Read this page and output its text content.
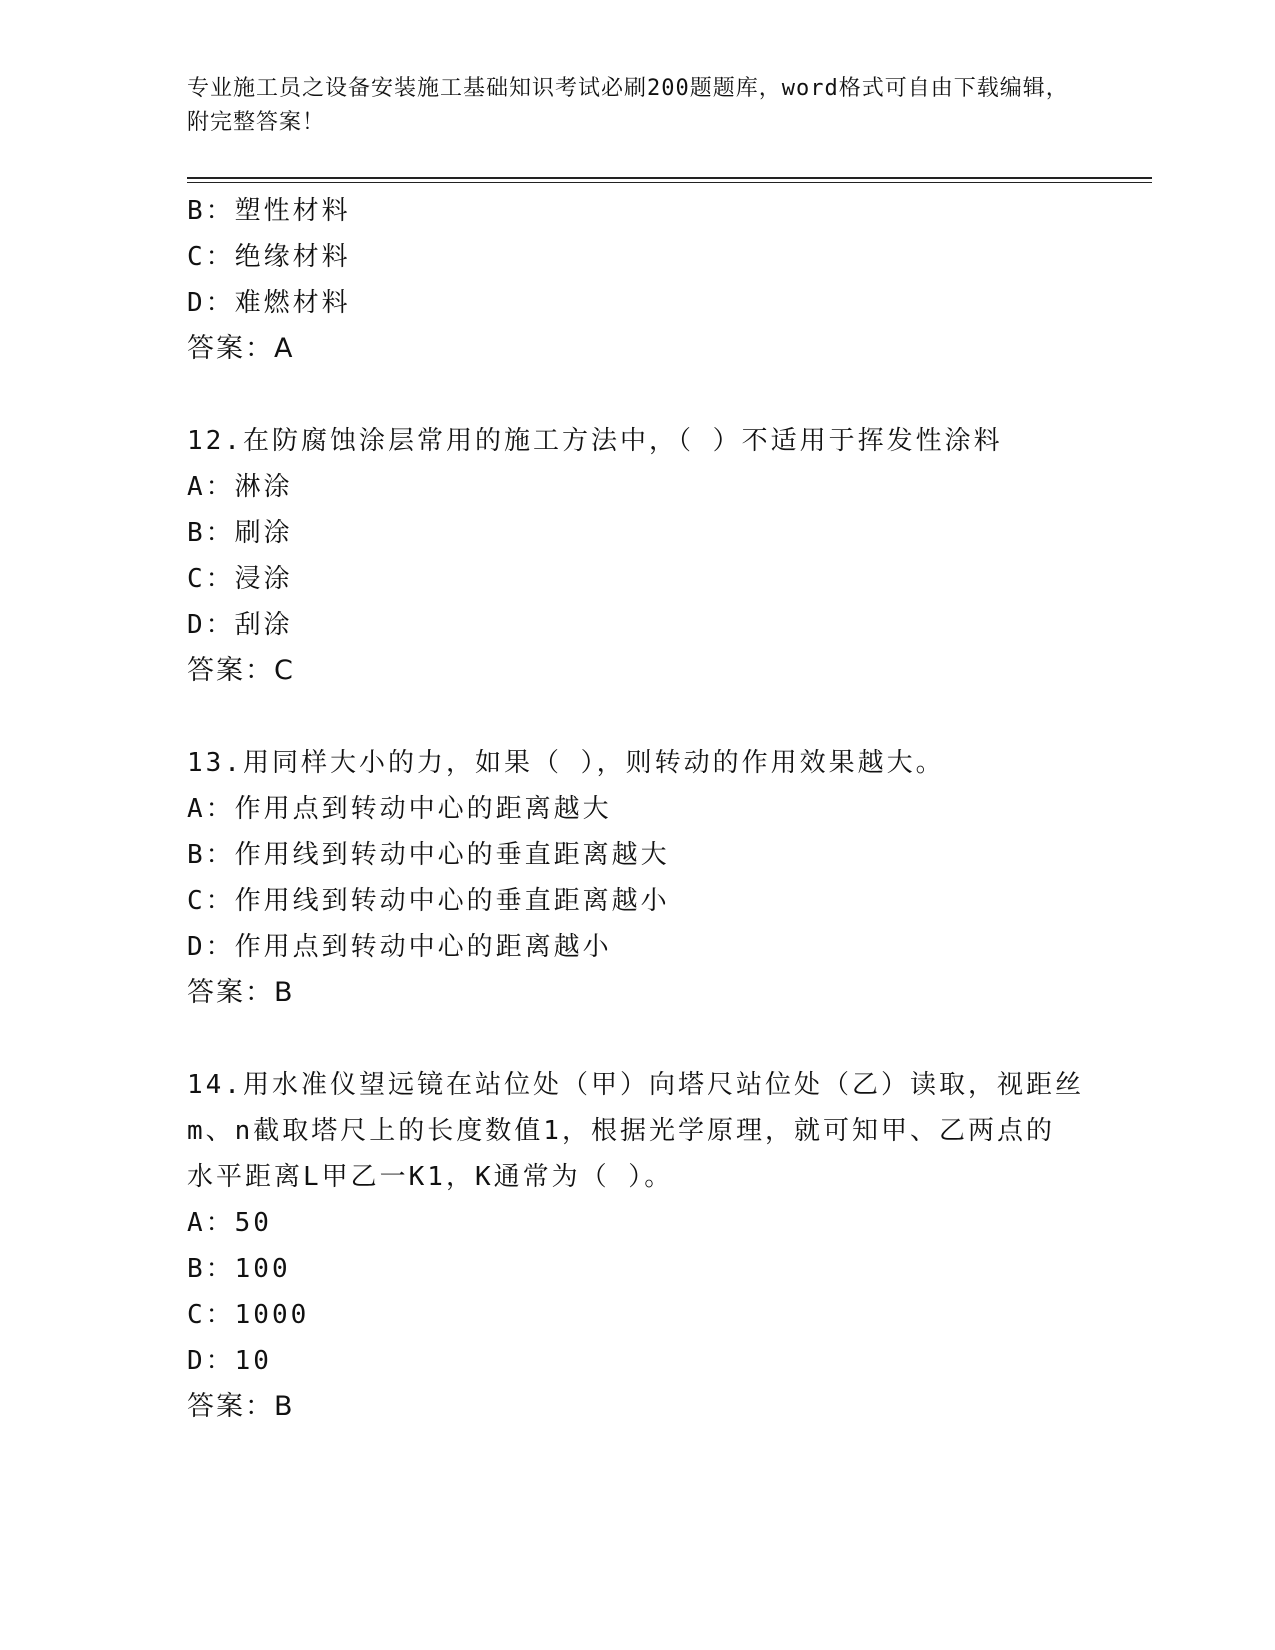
专业施工员之设备安装施工基础知识考试必刷200题题库，word格式可自由下载编辑，附完整答案！
B：塑性材料
C：绝缘材料
D：难燃材料
答案：A
12.在防腐蚀涂层常用的施工方法中，（ ）不适用于挥发性涂料
A：淋涂
B：刷涂
C：浸涂
D：刮涂
答案：C
13.用同样大小的力，如果（ ），则转动的作用效果越大。
A：作用点到转动中心的距离越大
B：作用线到转动中心的垂直距离越大
C：作用线到转动中心的垂直距离越小
D：作用点到转动中心的距离越小
答案：B
14.用水准仪望远镜在站位处（甲）向塔尺站位处（乙）读取，视距丝
m、n截取塔尺上的长度数值1，根据光学原理，就可知甲、乙两点的
水平距离L甲乙一K1，K通常为（ ）。
A：50
B：100
C：1000
D：10
答案：B
